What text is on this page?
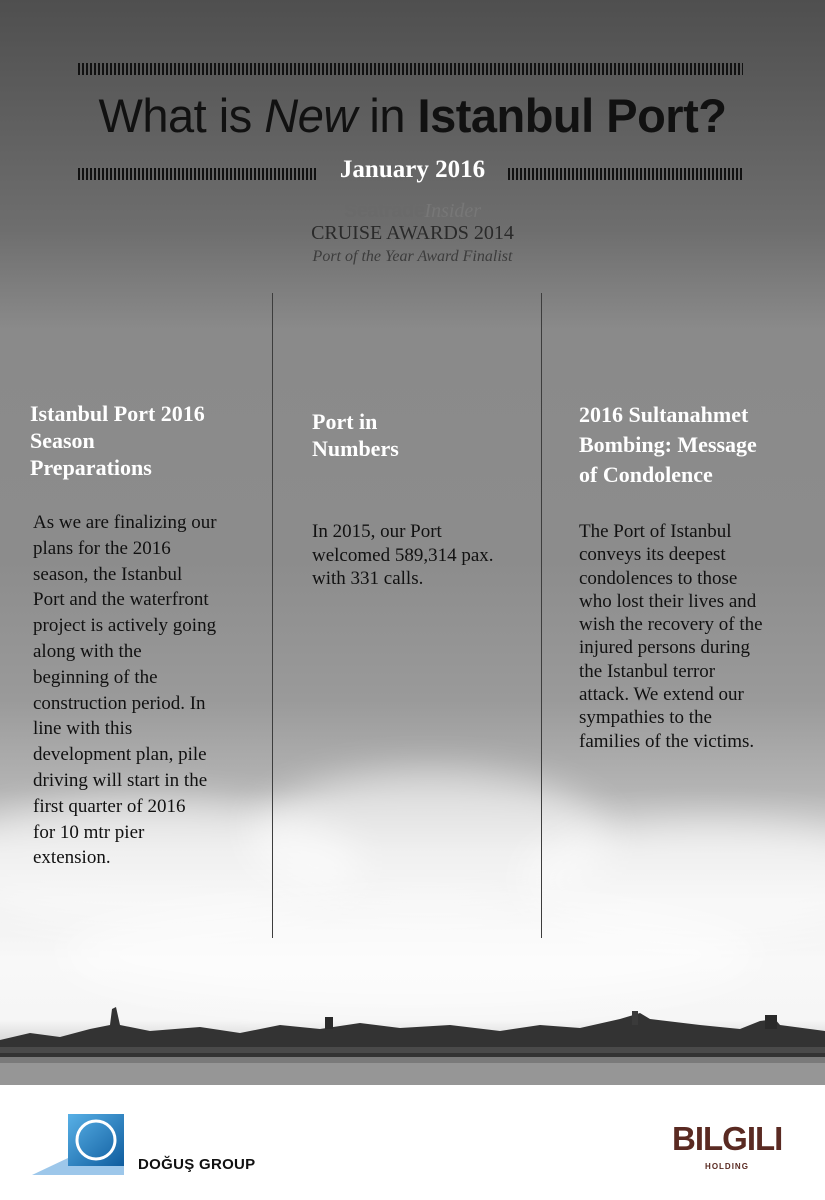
What is New in Istanbul Port?
January 2016
SeatradeInsider
CRUISE AWARDS 2014
Port of the Year Award Finalist
Istanbul Port 2016
Season
Preparations

As we are finalizing our
plans for the 2016
season, the Istanbul
Port and the waterfront
project is actively going
along with the
beginning of the
construction period. In
line with this
development plan, pile
driving will start in the
first quarter of 2016
for 10 mtr pier
extension.

Port in
Numbers

In 2015, our Port
welcomed 589,314 pax.
with 331 calls.

2016 Sultanahmet
Bombing: Message
of Condolence

The Port of Istanbul
conveys its deepest
condolences to those
who lost their lives and
wish the recovery of the
injured persons during
the Istanbul terror
attack. We extend our
sympathies to the
families of the victims.

DOĞUŞ GROUP
BILGILI
HOLDING
